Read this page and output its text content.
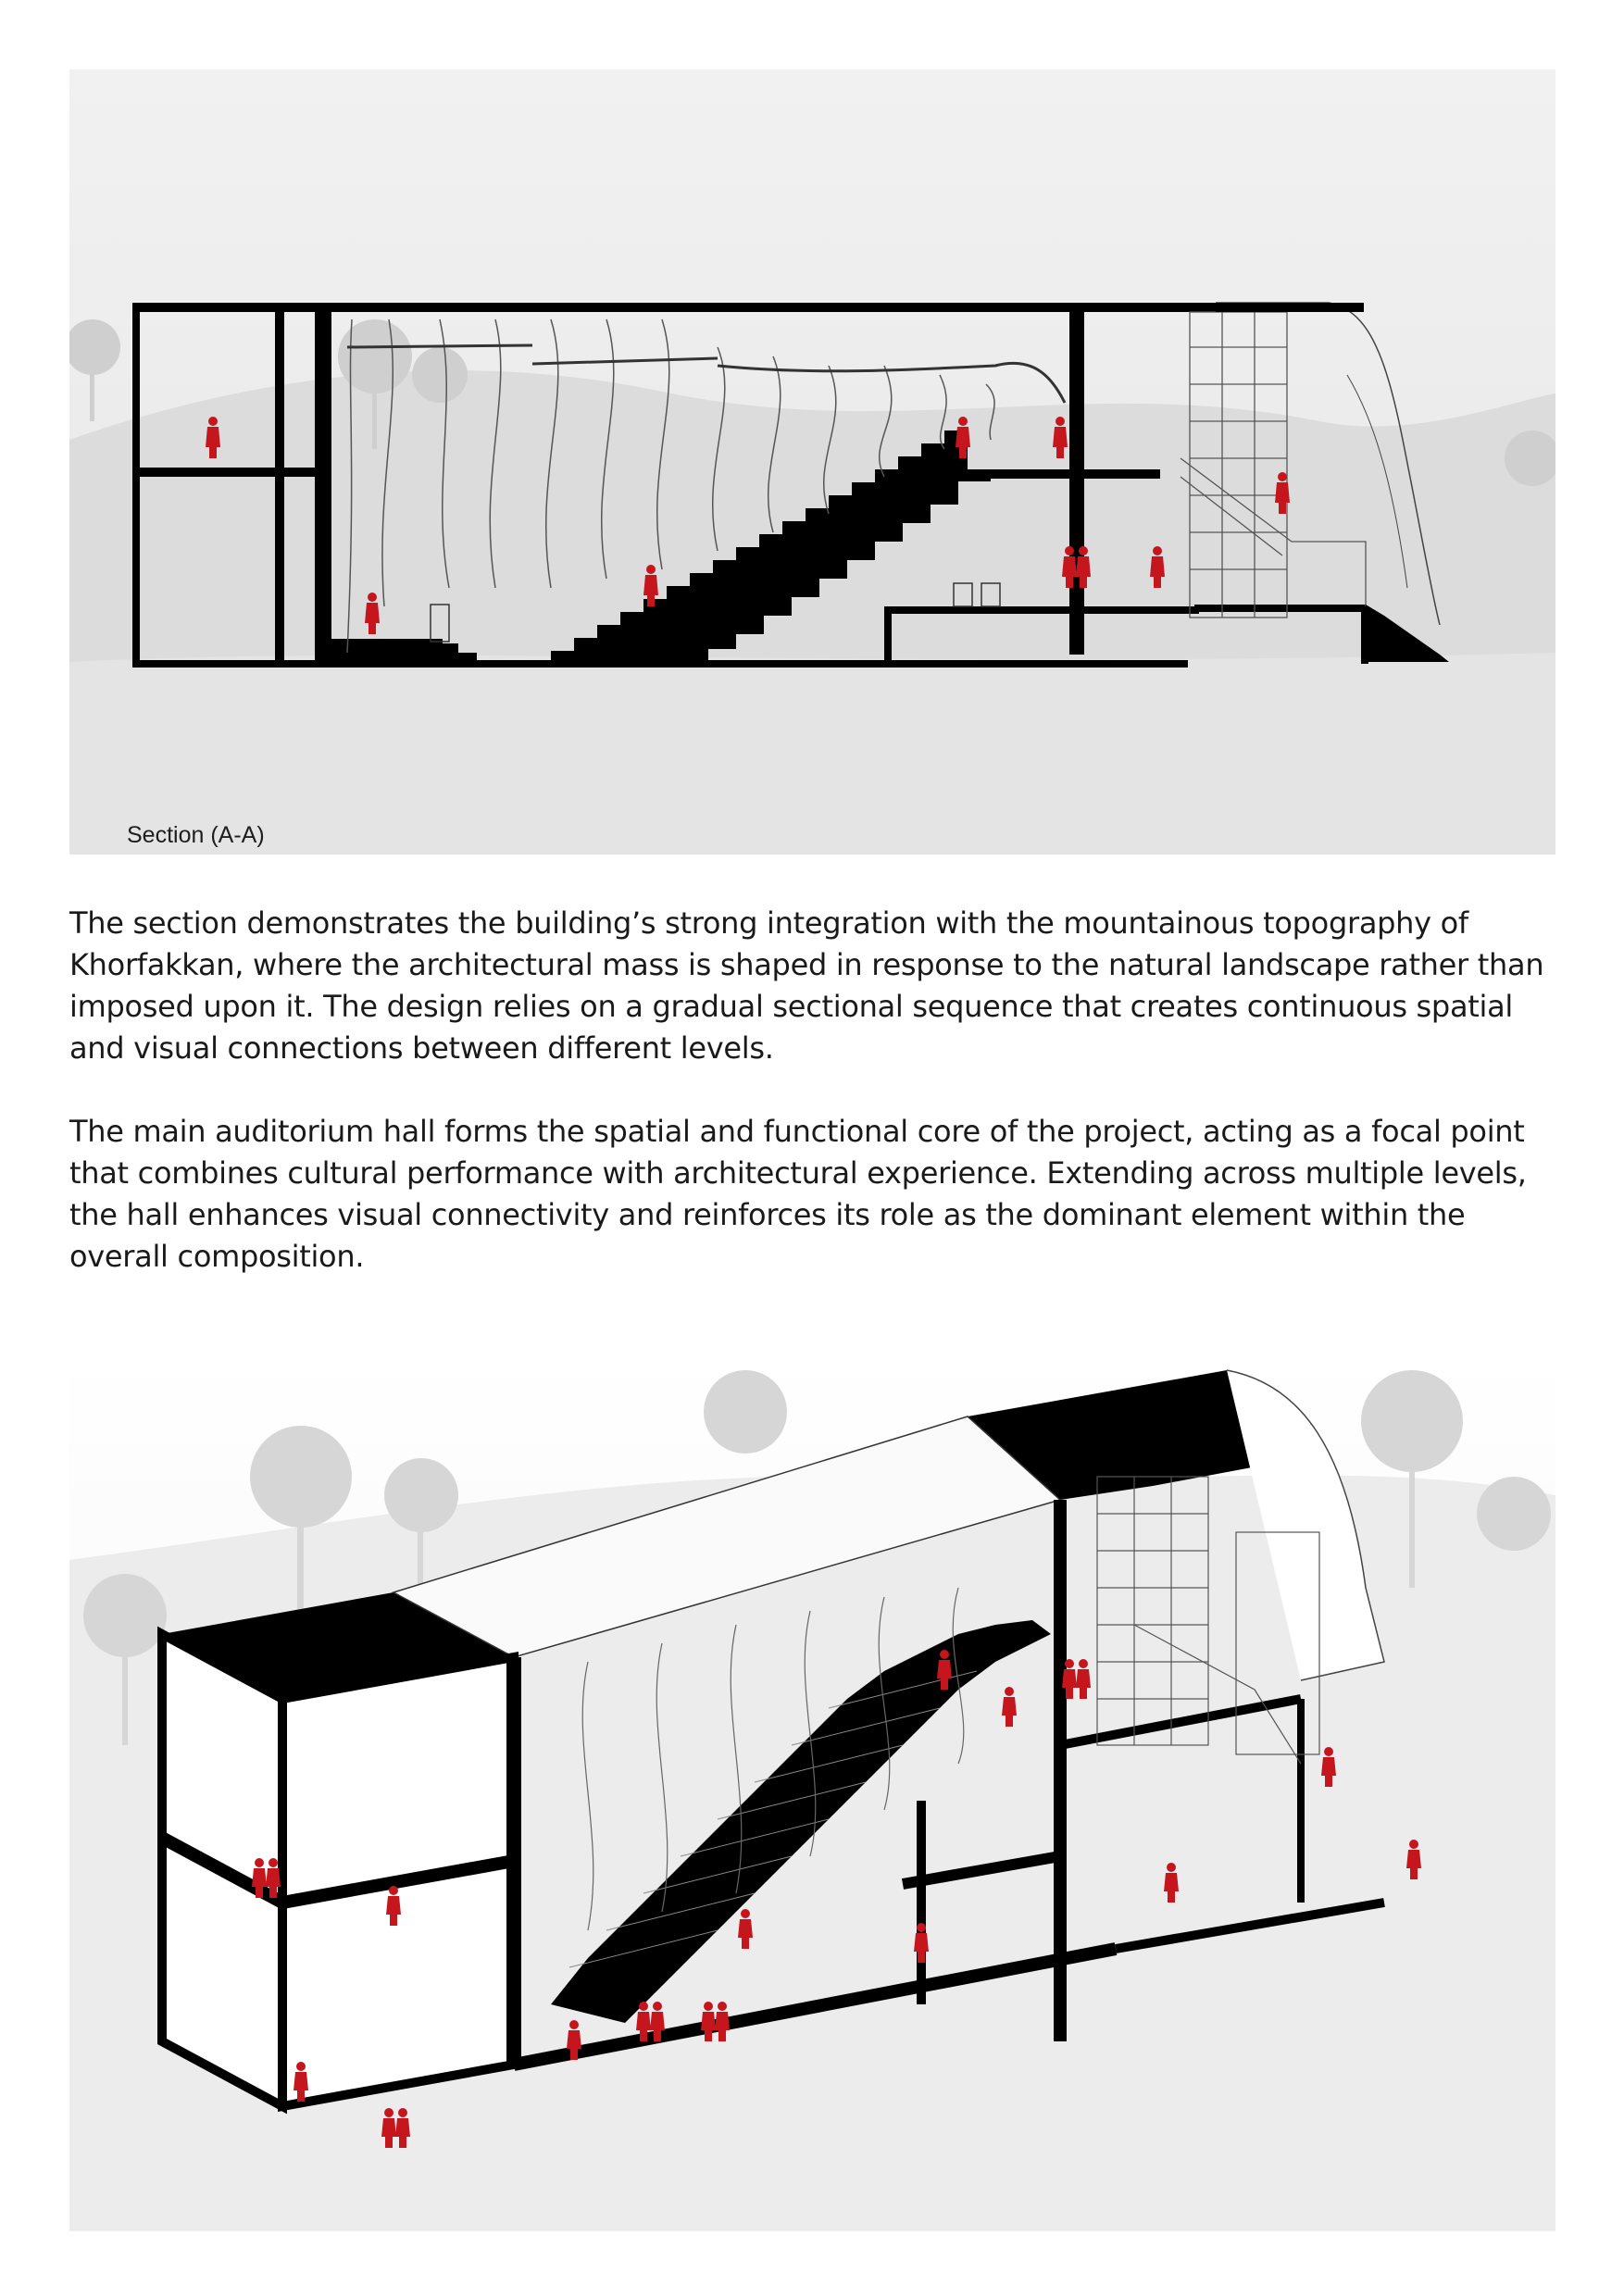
Section (A-A)

The section demonstrates the building’s strong integration with the mountainous topography of Khorfakkan, where the architectural mass is shaped in response to the natural landscape rather than imposed upon it. The design relies on a gradual sectional sequence that creates continuous spatial and visual connections between different levels.

The main auditorium hall forms the spatial and functional core of the project, acting as a focal point that combines cultural performance with architectural experience. Extending across multiple levels, the hall enhances visual connectivity and reinforces its role as the dominant element within the overall composition.
